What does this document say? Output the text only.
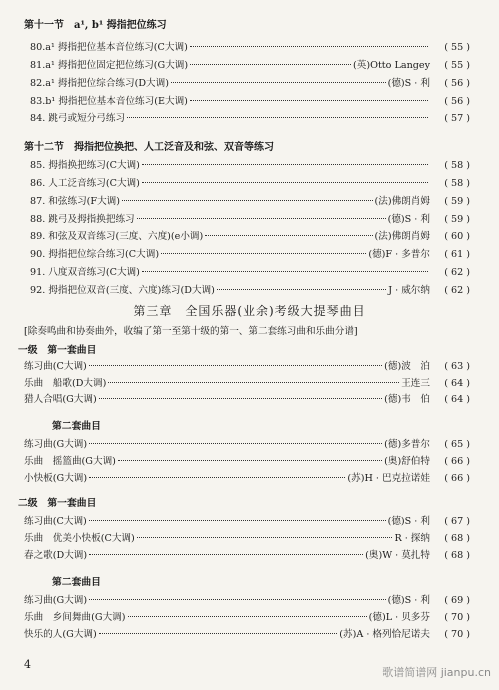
第十一节　a¹, b¹ 拇指把位练习
80.a¹ 拇指把位基本音位练习(C大调)	( 55 )
81.a¹ 拇指把位固定把位练习(G大调)	(英)Otto Langey	( 55 )
82.a¹ 拇指把位综合练习(D大调)	(德)S · 利	( 56 )
83.b¹ 拇指把位基本音位练习(E大调)	( 56 )
84. 跳弓或短分弓练习	( 57 )
第十二节　拇指把位换把、人工泛音及和弦、双音等练习
85. 拇指换把练习(C大调)	( 58 )
86. 人工泛音练习(C大调)	( 58 )
87. 和弦练习(F大调)	(法)佛朗肖姆	( 59 )
88. 跳弓及拇指换把练习	(德)S · 利	( 59 )
89. 和弦及双音练习(三度、六度)(e小调)	(法)佛朗肖姆	( 60 )
90. 拇指把位综合练习(C大调)	(德)F · 多普尔	( 61 )
91. 八度双音练习(C大调)	( 62 )
92. 拇指把位双音(三度、六度)练习(D大调)	J · 威尔纳	( 62 )
第三章　全国乐器(业余)考级大提琴曲目
[除奏鸣曲和协奏曲外，收编了第一至第十级的第一、第二套练习曲和乐曲分谱]
一级　第一套曲目
练习曲(C大调)	(德)波　泊	( 63 )
乐曲　船歌(D大调)	王连三	( 64 )
猎人合唱(G大调)	(德)韦　伯	( 64 )
第二套曲目
练习曲(G大调)	(德)多普尔	( 65 )
乐曲　摇篮曲(G大调)	(奥)舒伯特	( 66 )
小快板(G大调)	(苏)H · 巴克拉诺娃	( 66 )
二级　第一套曲目
练习曲(C大调)	(德)S · 利	( 67 )
乐曲　优美小快板(C大调)	R · 探纳	( 68 )
春之歌(D大调)	(奥)W · 莫扎特	( 68 )
第二套曲目
练习曲(G大调)	(德)S · 利	( 69 )
乐曲　乡间舞曲(G大调)	(德)L · 贝多芬	( 70 )
快乐的人(G大调)	(苏)A · 格列恰尼诺夫	( 70 )
4
歌谱简谱网 jianpu.cn
